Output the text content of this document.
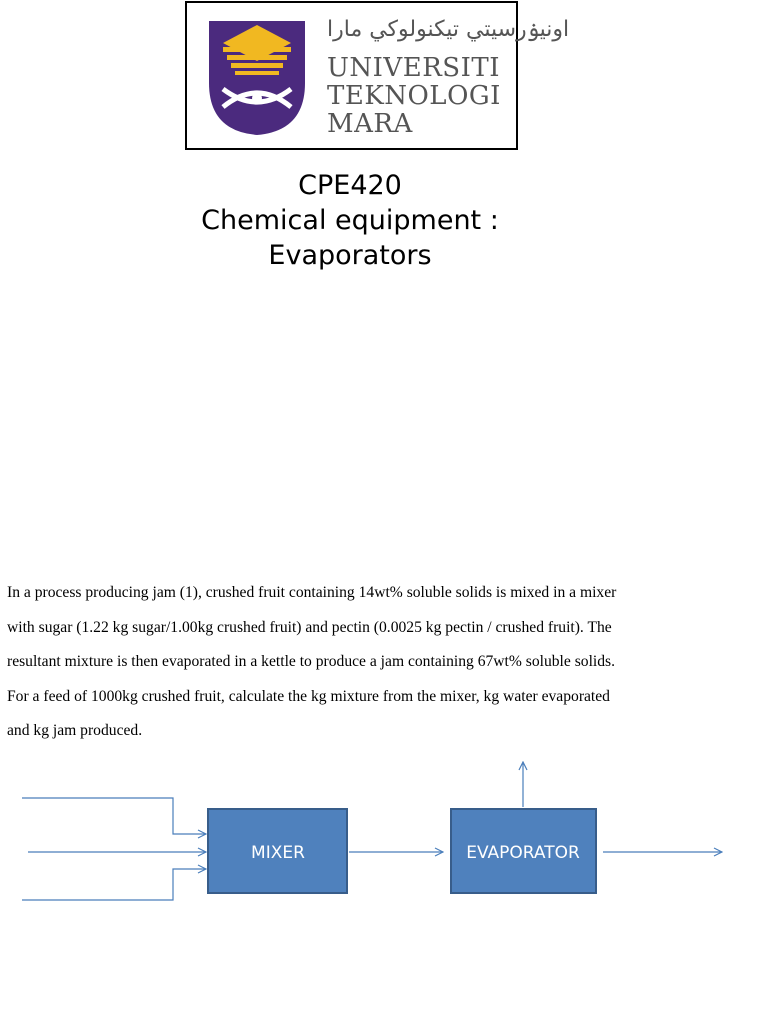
اونيۏرسيتي تيکنولوکي مارا
UNIVERSITI
TEKNOLOGI
MARA
CPE420
Chemical equipment :
Evaporators

In a process producing jam (1), crushed fruit containing 14wt% soluble solids is mixed in a mixer

with sugar (1.22 kg sugar/1.00kg crushed fruit) and pectin (0.0025 kg pectin / crushed fruit). The

resultant mixture is then evaporated in a kettle to produce a jam containing 67wt% soluble solids.

For a feed of 1000kg crushed fruit, calculate the kg mixture from the mixer, kg water evaporated

and kg jam produced.

MIXER	EVAPORATOR
